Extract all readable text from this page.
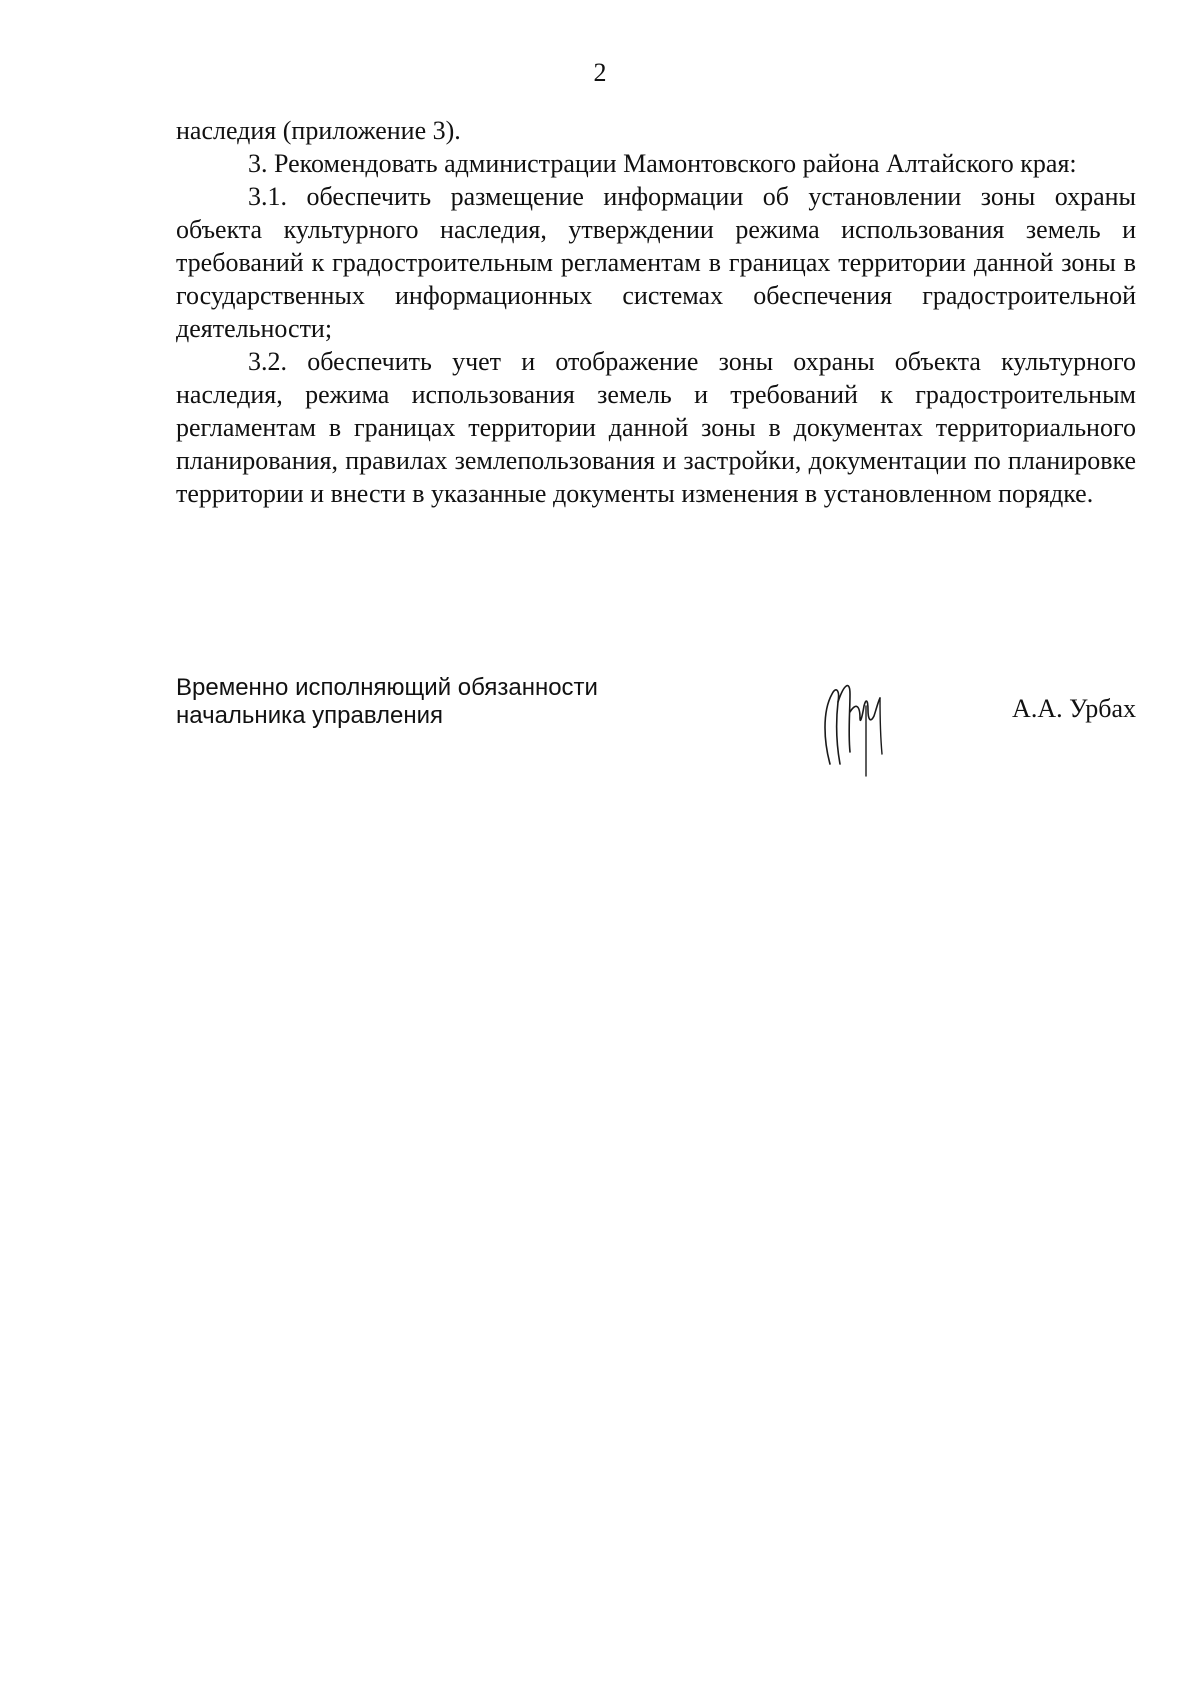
2

наследия (приложение 3).

3. Рекомендовать администрации Мамонтовского района Алтайского края:

3.1. обеспечить размещение информации об установлении зоны охраны объекта культурного наследия, утверждении режима использования земель и требований к градостроительным регламентам в границах территории данной зоны в государственных информационных системах обеспечения градостроительной деятельности;

3.2. обеспечить учет и отображение зоны охраны объекта культурного наследия, режима использования земель и требований к градостроительным регламентам в границах территории данной зоны в документах территориального планирования, правилах землепользования и застройки, документации по планировке территории и внести в указанные документы изменения в установленном порядке.

Временно исполняющий обязанности
начальника управления	А.А. Урбах
